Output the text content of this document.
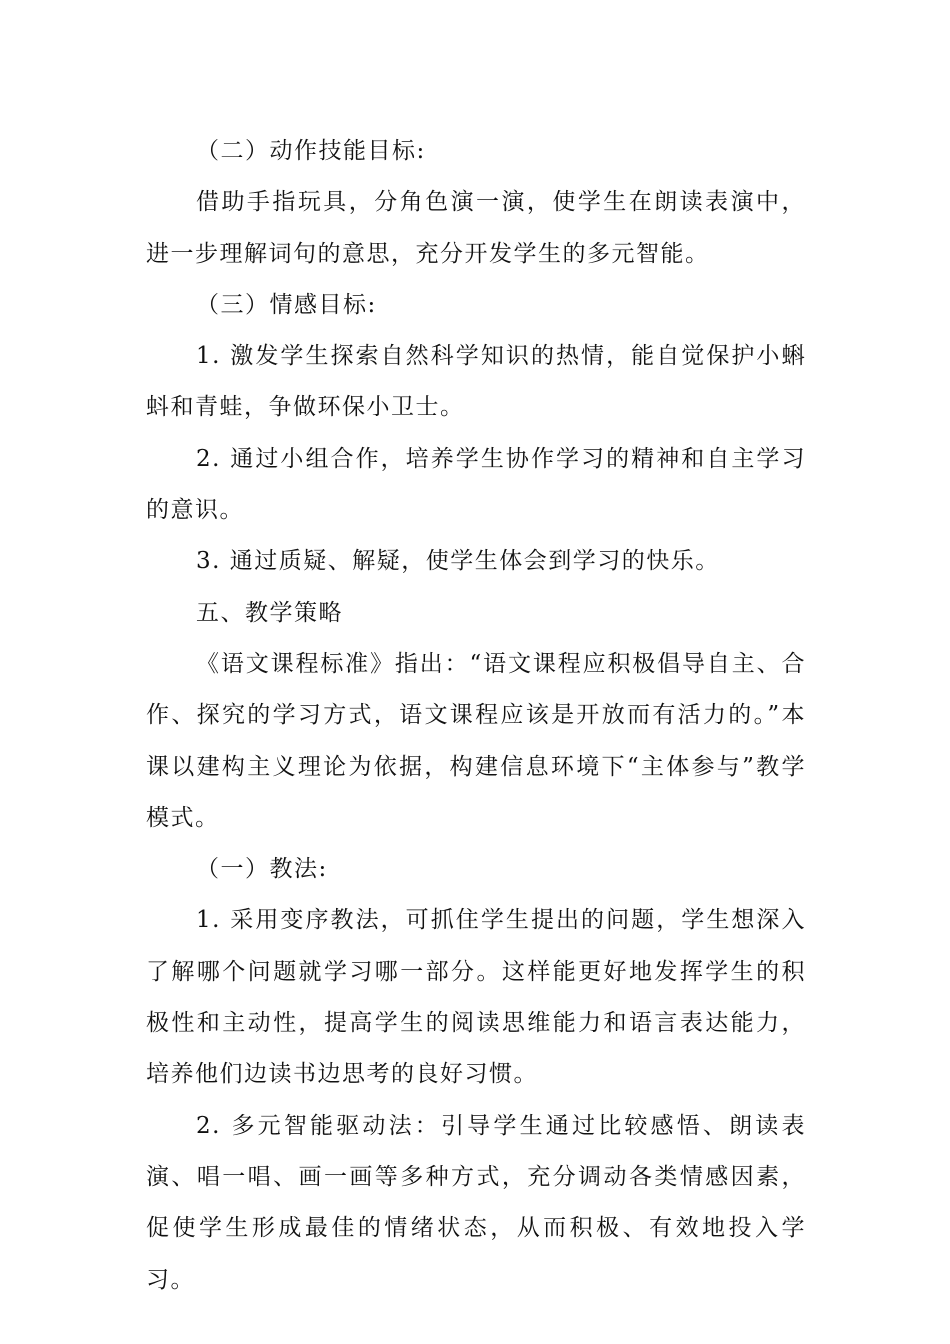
（二）动作技能目标:

借助手指玩具，分角色演一演，使学生在朗读表演中，进一步理解词句的意思，充分开发学生的多元智能。

（三）情感目标:

1. 激发学生探索自然科学知识的热情，能自觉保护小蝌蚪和青蛙，争做环保小卫士。

2. 通过小组合作，培养学生协作学习的精神和自主学习的意识。

3. 通过质疑、解疑，使学生体会到学习的快乐。

五、教学策略

《语文课程标准》指出：“语文课程应积极倡导自主、合作、探究的学习方式，语文课程应该是开放而有活力的。”本课以建构主义理论为依据，构建信息环境下“主体参与”教学模式。

（一）教法:

1. 采用变序教法，可抓住学生提出的问题，学生想深入了解哪个问题就学习哪一部分。这样能更好地发挥学生的积极性和主动性，提高学生的阅读思维能力和语言表达能力，培养他们边读书边思考的良好习惯。

2. 多元智能驱动法：引导学生通过比较感悟、朗读表演、唱一唱、画一画等多种方式，充分调动各类情感因素，促使学生形成最佳的情绪状态，从而积极、有效地投入学习。
